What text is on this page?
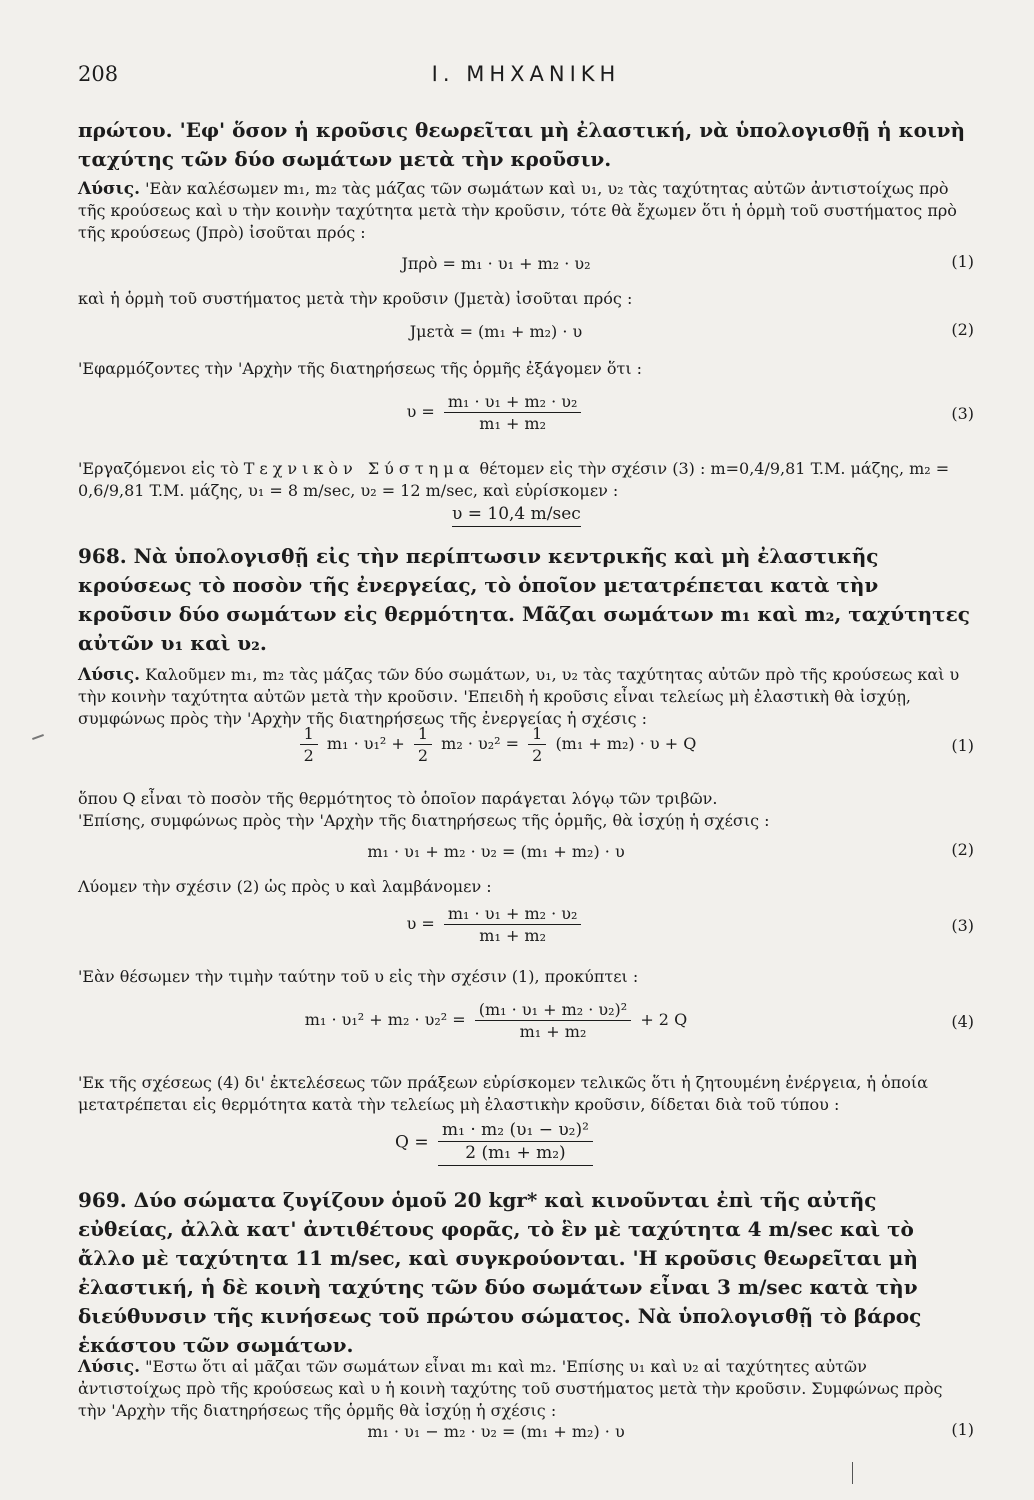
208	Ι. ΜΗΧΑΝΙΚΗ

πρώτου. 'Εφ' ὅσον ἡ κροῦσις θεωρεῖται μὴ ἐλαστική, νὰ ὑπολογισθῇ ἡ κοινὴ ταχύτης τῶν δύο σωμάτων μετὰ τὴν κροῦσιν.

Λύσις. 'Εὰν καλέσωμεν m₁, m₂ τὰς μάζας τῶν σωμάτων καὶ υ₁, υ₂ τὰς ταχύτητας αὐτῶν ἀντιστοίχως πρὸ τῆς κρούσεως καὶ υ τὴν κοινὴν ταχύτητα μετὰ τὴν κροῦσιν, τότε θὰ ἔχωμεν ὅτι ἡ ὁρμὴ τοῦ συστήματος πρὸ τῆς κρούσεως (Jπρὸ) ἰσοῦται πρός :

Jπρὸ = m₁ · υ₁ + m₂ · υ₂	(1)

καὶ ἡ ὁρμὴ τοῦ συστήματος μετὰ τὴν κροῦσιν (Jμετὰ) ἰσοῦται πρός :

Jμετὰ = (m₁ + m₂) · υ	(2)

'Εφαρμόζοντες τὴν 'Αρχὴν τῆς διατηρήσεως τῆς ὁρμῆς ἐξάγομεν ὅτι :

$\upsilon = \frac{\text{m₁ · υ₁ + m₂ · υ₂}}{\text{m₁ + m₂}}$	(3)

'Εργαζόμενοι εἰς τὸ Τεχνικὸν Σύστημα θέτομεν εἰς τὴν σχέσιν (3) : m=0,4/9,81 T.M. μάζης, m₂ = 0,6/9,81 T.M. μάζης, υ₁ = 8 m/sec, υ₂ = 12 m/sec, καὶ εὑρίσκομεν :

υ = 10,4 m/sec

968. Νὰ ὑπολογισθῇ εἰς τὴν περίπτωσιν κεντρικῆς καὶ μὴ ἐλαστικῆς κρούσεως τὸ ποσὸν τῆς ἐνεργείας, τὸ ὁποῖον μετατρέπεται κατὰ τὴν κροῦσιν δύο σωμάτων εἰς θερμότητα. Μᾶζαι σωμάτων m₁ καὶ m₂, ταχύτητες αὐτῶν υ₁ καὶ υ₂.

Λύσις. Καλοῦμεν m₁, m₂ τὰς μάζας τῶν δύο σωμάτων, υ₁, υ₂ τὰς ταχύτητας αὐτῶν πρὸ τῆς κρούσεως καὶ υ τὴν κοινὴν ταχύτητα αὐτῶν μετὰ τὴν κροῦσιν. 'Επειδὴ ἡ κροῦσις εἶναι τελείως μὴ ἐλαστικὴ θὰ ἰσχύῃ, συμφώνως πρὸς τὴν 'Αρχὴν τῆς διατηρήσεως τῆς ἐνεργείας ἡ σχέσις :

$\frac{1}{2} m_1 \cdot \upsilon_1^2 + \frac{1}{2} m_2 \cdot \upsilon_2^2 = \frac{1}{2} (m_1 + m_2) \cdot \upsilon + Q$	(1)

ὅπου Q εἶναι τὸ ποσὸν τῆς θερμότητος τὸ ὁποῖον παράγεται λόγῳ τῶν τριβῶν.

'Επίσης, συμφώνως πρὸς τὴν 'Αρχὴν τῆς διατηρήσεως τῆς ὁρμῆς, θὰ ἰσχύῃ ἡ σχέσις :

m₁ · υ₁ + m₂ · υ₂ = (m₁ + m₂) · υ	(2)

Λύομεν τὴν σχέσιν (2) ὡς πρὸς υ καὶ λαμβάνομεν :

$\upsilon = \frac{\text{m₁ · υ₁ + m₂ · υ₂}}{\text{m₁ + m₂}}$	(3)

'Εὰν θέσωμεν τὴν τιμὴν ταύτην τοῦ υ εἰς τὴν σχέσιν (1), προκύπτει :

$m_1 \cdot \upsilon_1^2 + m_2 \cdot \upsilon_2^2 = \frac{\text{(m₁ · υ₁ + m₂ · υ₂)²}}{\text{m₁ + m₂}} + 2$ Q	(4)

'Εκ τῆς σχέσεως (4) δι' ἐκτελέσεως τῶν πράξεων εὑρίσκομεν τελικῶς ὅτι ἡ ζητουμένη ἐνέργεια, ἡ ὁποία μετατρέπεται εἰς θερμότητα κατὰ τὴν τελείως μὴ ἐλαστικὴν κροῦσιν, δίδεται διὰ τοῦ τύπου :

$Q = \frac{\text{m₁ · m₂ (υ₁ − υ₂)²}}{\text{2 (m₁ + m₂)}}$

969. Δύο σώματα ζυγίζουν ὁμοῦ 20 kgr* καὶ κινοῦνται ἐπὶ τῆς αὐτῆς εὐθείας, ἀλλὰ κατ' ἀντιθέτους φορᾶς, τὸ ἓν μὲ ταχύτητα 4 m/sec καὶ τὸ ἄλλο μὲ ταχύτητα 11 m/sec, καὶ συγκρούονται. 'Η κροῦσις θεωρεῖται μὴ ἐλαστική, ἡ δὲ κοινὴ ταχύτης τῶν δύο σωμάτων εἶναι 3 m/sec κατὰ τὴν διεύθυνσιν τῆς κινήσεως τοῦ πρώτου σώματος. Νὰ ὑπολογισθῇ τὸ βάρος ἑκάστου τῶν σωμάτων.

Λύσις. "Εστω ὅτι αἱ μᾶζαι τῶν σωμάτων εἶναι m₁ καὶ m₂. 'Επίσης υ₁ καὶ υ₂ αἱ ταχύτητες αὐτῶν ἀντιστοίχως πρὸ τῆς κρούσεως καὶ υ ἡ κοινὴ ταχύτης τοῦ συστήματος μετὰ τὴν κροῦσιν. Συμφώνως πρὸς τὴν 'Αρχὴν τῆς διατηρήσεως τῆς ὁρμῆς θὰ ἰσχύῃ ἡ σχέσις :

m₁ · υ₁ − m₂ · υ₂ = (m₁ + m₂) · υ	(1)
